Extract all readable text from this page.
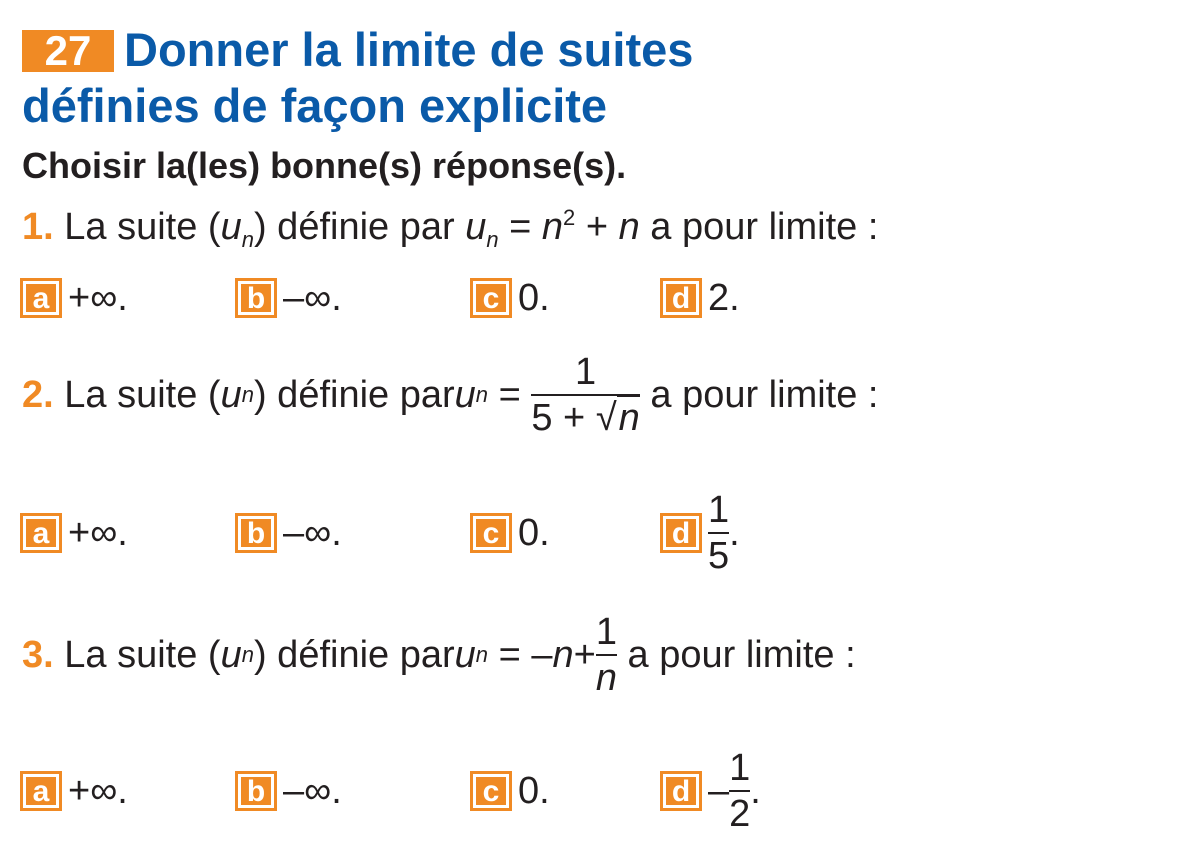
27 Donner la limite de suites
définies de façon explicite
Choisir la(les) bonne(s) réponse(s).
1. La suite $(u_n)$ définie par $u_n = n^2 + n$ a pour limite :
a +∞.	b –∞.	c 0.	d 2.
2.
La suite ( u n ) définie par u n
=
$\frac{1}{5 + √n}$
a pour limite :
a +∞.	b –∞.	c 0.	d $\frac{1}{5}$ .
3.
La suite ( u n ) définie par u n
= – $n + \frac{1}{n}$
a pour limite :
a +∞.	b –∞.	c 0.	d – $\frac{1}{2}$ .
